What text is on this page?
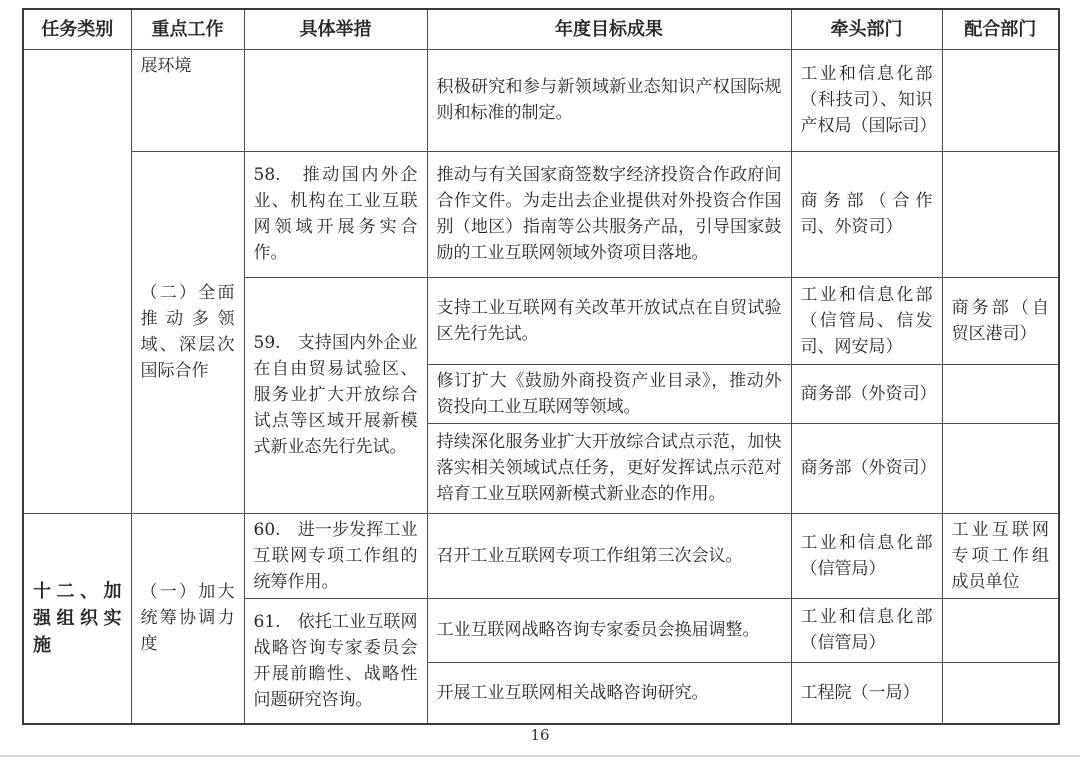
任务类别	重点工作	具体举措	年度目标成果	牵头部门	配合部门
	展环境		积极研究和参与新领域新业态知识产权国际规则和标准的制定。	工业和信息化部（科技司）、知识产权局（国际司）	
	（二）全面推动多领域、深层次国际合作	58.　推动国内外企业、机构在工业互联网领域开展务实合作。	推动与有关国家商签数字经济投资合作政府间合作文件。为走出去企业提供对外投资合作国别（地区）指南等公共服务产品，引导国家鼓励的工业互联网领域外资项目落地。	商务部（合作司、外资司）	
		59.　支持国内外企业在自由贸易试验区、服务业扩大开放综合试点等区域开展新模式新业态先行先试。	支持工业互联网有关改革开放试点在自贸试验区先行先试。	工业和信息化部（信管局、信发司、网安局）	商务部（自贸区港司）
			修订扩大《鼓励外商投资产业目录》，推动外资投向工业互联网等领域。	商务部（外资司）	
			持续深化服务业扩大开放综合试点示范，加快落实相关领域试点任务，更好发挥试点示范对培育工业互联网新模式新业态的作用。	商务部（外资司）	
十二、加强组织实施	（一）加大统筹协调力度	60.　进一步发挥工业互联网专项工作组的统筹作用。	召开工业互联网专项工作组第三次会议。	工业和信息化部（信管局）	工业互联网专项工作组成员单位
		61.　依托工业互联网战略咨询专家委员会开展前瞻性、战略性问题研究咨询。	工业互联网战略咨询专家委员会换届调整。	工业和信息化部（信管局）	
			开展工业互联网相关战略咨询研究。	工程院（一局）	
16
